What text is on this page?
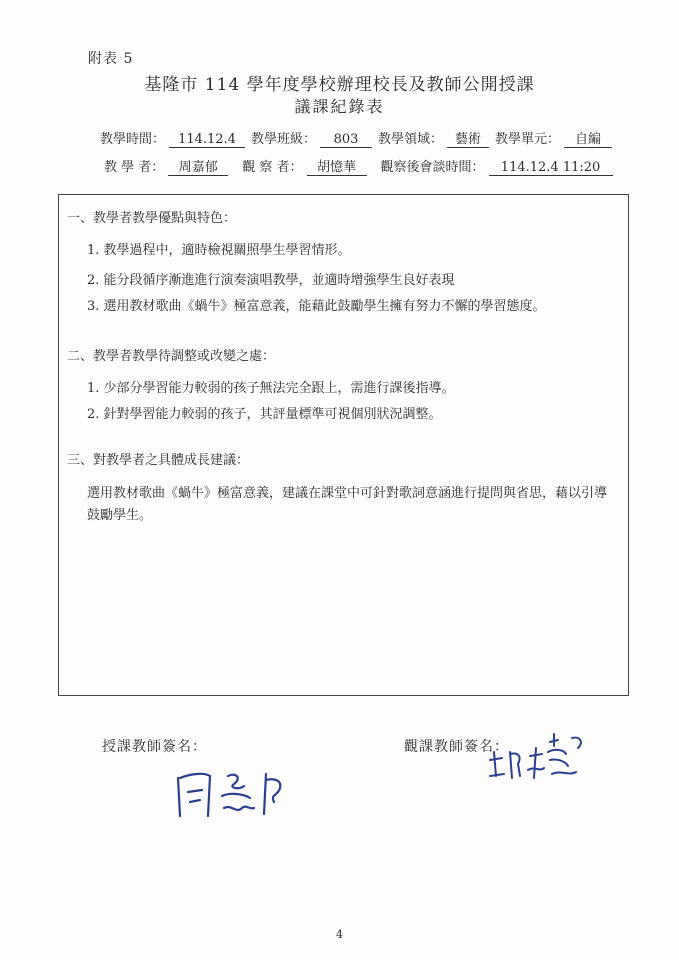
附表 5
基隆市 114 學年度學校辦理校長及教師公開授課
議課紀錄表
教學時間：	114.12.4	教學班級：	803	教學領域： 藝術	教學單元：	自編
教 學 者：	周嘉郁	觀 察 者：	胡憶華	觀察後會談時間：	114.12.4 11:20
一、教學者教學優點與特色：
1. 教學過程中，適時檢視關照學生學習情形。
2. 能分段循序漸進進行演奏演唱教學，並適時增強學生良好表現
3. 選用教材歌曲《蝸牛》極富意義，能藉此鼓勵學生擁有努力不懈的學習態度。
二、教學者教學待調整或改變之處：
1. 少部分學習能力較弱的孩子無法完全跟上，需進行課後指導。
2. 針對學習能力較弱的孩子，其評量標準可視個別狀況調整。
三、對教學者之具體成長建議：
選用教材歌曲《蝸牛》極富意義，建議在課堂中可針對歌詞意涵進行提問與省思，藉以引導鼓勵學生。
授課教師簽名：	觀課教師簽名：
4
